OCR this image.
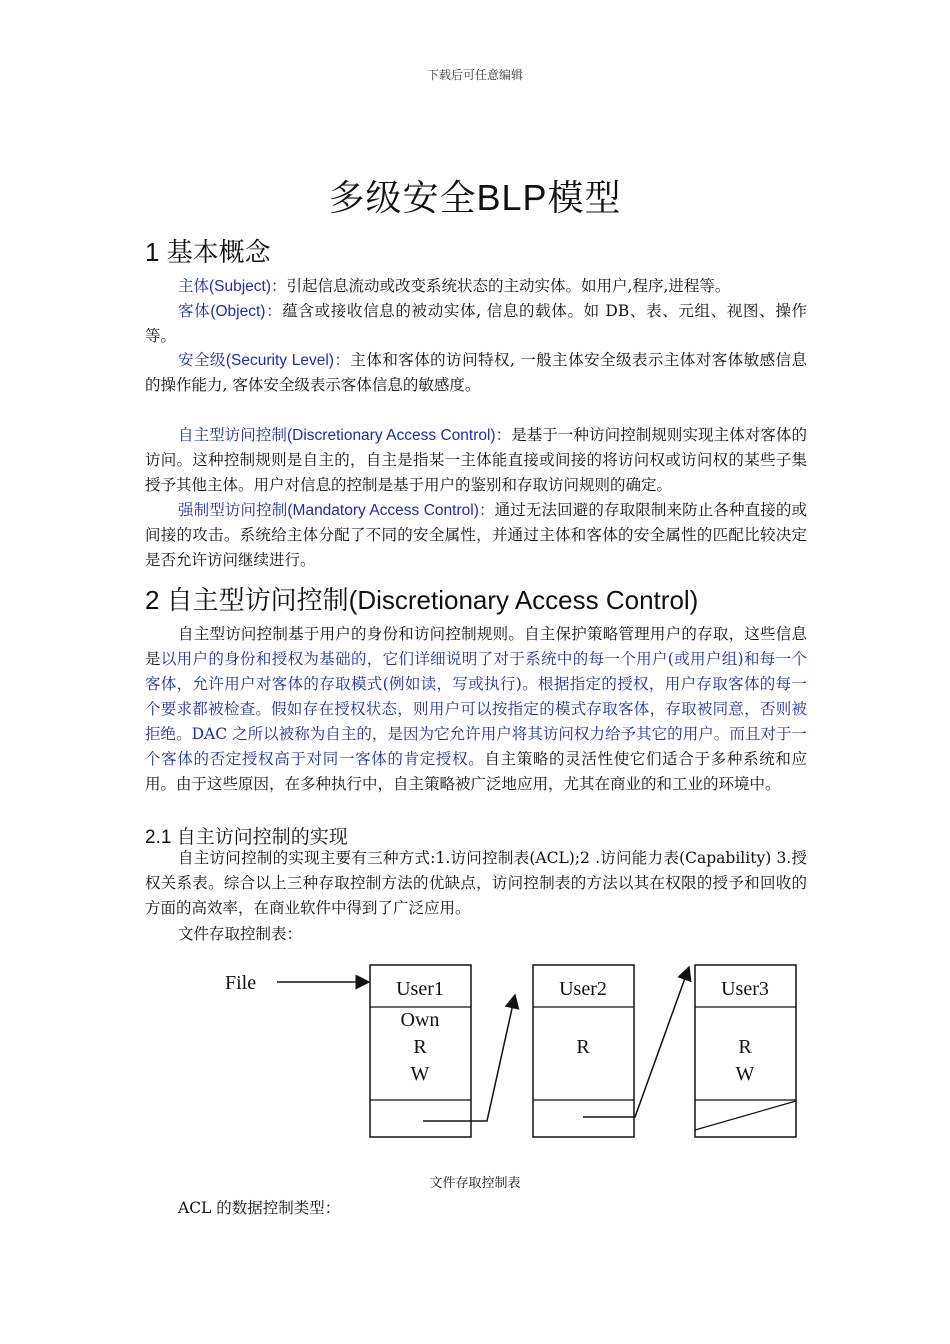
下载后可任意编辑
多级安全BLP模型
1 基本概念

主体(Subject)：引起信息流动或改变系统状态的主动实体。如用户,程序,进程等。

客体(Object)：蕴含或接收信息的被动实体, 信息的载体。如 DB、表、元组、视图、操作等。

安全级(Security Level)：主体和客体的访问特权, 一般主体安全级表示主体对客体敏感信息的操作能力, 客体安全级表示客体信息的敏感度。

自主型访问控制(Discretionary Access Control)：是基于一种访问控制规则实现主体对客体的访问。这种控制规则是自主的，自主是指某一主体能直接或间接的将访问权或访问权的某些子集授予其他主体。用户对信息的控制是基于用户的鉴别和存取访问规则的确定。

强制型访问控制(Mandatory Access Control)：通过无法回避的存取限制来防止各种直接的或间接的攻击。系统给主体分配了不同的安全属性，并通过主体和客体的安全属性的匹配比较决定是否允许访问继续进行。

2 自主型访问控制(Discretionary Access Control)

自主型访问控制基于用户的身份和访问控制规则。自主保护策略管理用户的存取，这些信息是以用户的身份和授权为基础的，它们详细说明了对于系统中的每一个用户(或用户组)和每一个客体，允许用户对客体的存取模式(例如读，写或执行)。根据指定的授权，用户存取客体的每一个要求都被检查。假如存在授权状态，则用户可以按指定的模式存取客体，存取被同意，否则被拒绝。DAC 之所以被称为自主的，是因为它允许用户将其访问权力给予其它的用户。而且对于一个客体的否定授权高于对同一客体的肯定授权。自主策略的灵活性使它们适合于多种系统和应用。由于这些原因，在多种执行中，自主策略被广泛地应用，尤其在商业的和工业的环境中。

2.1 自主访问控制的实现

自主访问控制的实现主要有三种方式:1.访问控制表(ACL);2 .访问能力表(Capability) 3.授权关系表。综合以上三种存取控制方法的优缺点，访问控制表的方法以其在权限的授予和回收的方面的高效率，在商业软件中得到了广泛应用。

文件存取控制表：

File	User1
Own
R
W
User2
R	R
W
User3
文件存取控制表

ACL 的数据控制类型：
